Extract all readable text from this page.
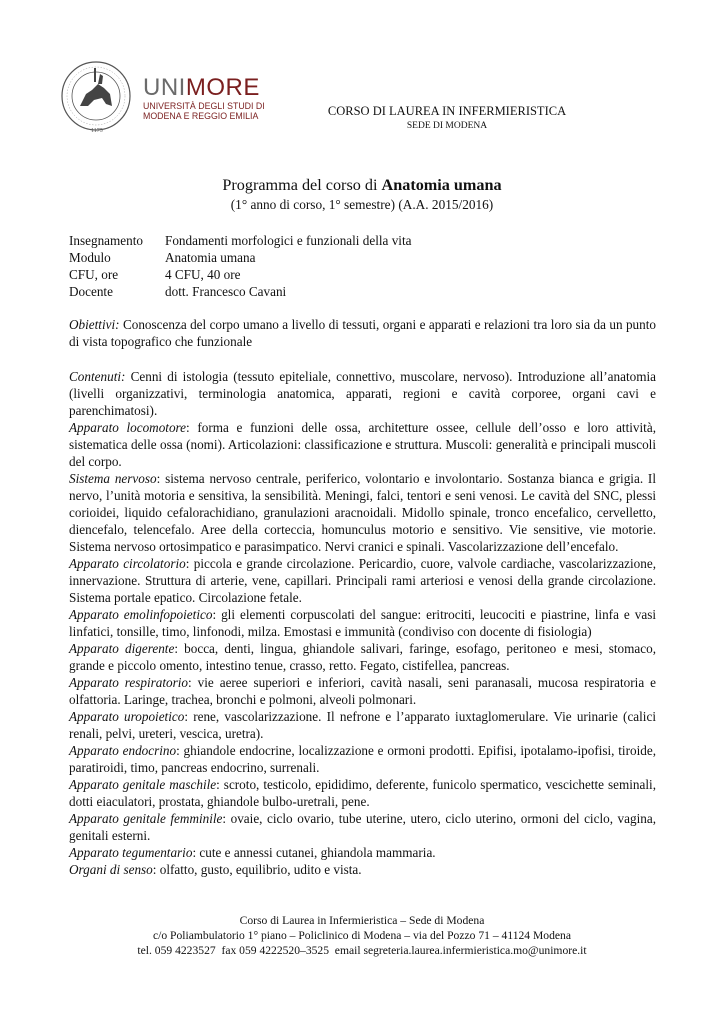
1175
UNIMORE
UNIVERSITÀ DEGLI STUDI DI
MODENA E REGGIO EMILIA	CORSO DI LAUREA IN INFERMIERISTICA
SEDE DI MODENA
Programma del corso di Anatomia umana
(1° anno di corso, 1° semestre) (A.A. 2015/2016)
Insegnamento	Fondamenti morfologici e funzionali della vita
Modulo	Anatomia umana
CFU, ore	4 CFU, 40 ore
Docente	dott. Francesco Cavani

Obiettivi: Conoscenza del corpo umano a livello di tessuti, organi e apparati e relazioni tra loro sia da un punto di vista topografico che funzionale

Contenuti: Cenni di istologia (tessuto epiteliale, connettivo, muscolare, nervoso). Introduzione all’anatomia (livelli organizzativi, terminologia anatomica, apparati, regioni e cavità corporee, organi cavi e parenchimatosi).

Apparato locomotore: forma e funzioni delle ossa, architetture ossee, cellule dell’osso e loro attività, sistematica delle ossa (nomi). Articolazioni: classificazione e struttura. Muscoli: generalità e principali muscoli del corpo.

Sistema nervoso: sistema nervoso centrale, periferico, volontario e involontario. Sostanza bianca e grigia. Il nervo, l’unità motoria e sensitiva, la sensibilità. Meningi, falci, tentori e seni venosi. Le cavità del SNC, plessi corioidei, liquido cefalorachidiano, granulazioni aracnoidali. Midollo spinale, tronco encefalico, cervelletto, diencefalo, telencefalo. Aree della corteccia, homunculus motorio e sensitivo. Vie sensitive, vie motorie. Sistema nervoso ortosimpatico e parasimpatico. Nervi cranici e spinali. Vascolarizzazione dell’encefalo.

Apparato circolatorio: piccola e grande circolazione. Pericardio, cuore, valvole cardiache, vascolarizzazione, innervazione. Struttura di arterie, vene, capillari. Principali rami arteriosi e venosi della grande circolazione. Sistema portale epatico. Circolazione fetale.

Apparato emolinfopoietico: gli elementi corpuscolati del sangue: eritrociti, leucociti e piastrine, linfa e vasi linfatici, tonsille, timo, linfonodi, milza. Emostasi e immunità (condiviso con docente di fisiologia)

Apparato digerente: bocca, denti, lingua, ghiandole salivari, faringe, esofago, peritoneo e mesi, stomaco, grande e piccolo omento, intestino tenue, crasso, retto. Fegato, cistifellea, pancreas.

Apparato respiratorio: vie aeree superiori e inferiori, cavità nasali, seni paranasali, mucosa respiratoria e olfattoria. Laringe, trachea, bronchi e polmoni, alveoli polmonari.

Apparato uropoietico: rene, vascolarizzazione. Il nefrone e l’apparato iuxtaglomerulare. Vie urinarie (calici renali, pelvi, ureteri, vescica, uretra).

Apparato endocrino: ghiandole endocrine, localizzazione e ormoni prodotti. Epifisi, ipotalamo-ipofisi, tiroide, paratiroidi, timo, pancreas endocrino, surrenali.

Apparato genitale maschile: scroto, testicolo, epididimo, deferente, funicolo spermatico, vescichette seminali, dotti eiaculatori, prostata, ghiandole bulbo-uretrali, pene.

Apparato genitale femminile: ovaie, ciclo ovario, tube uterine, utero, ciclo uterino, ormoni del ciclo, vagina, genitali esterni.

Apparato tegumentario: cute e annessi cutanei, ghiandola mammaria.

Organi di senso: olfatto, gusto, equilibrio, udito e vista.

Corso di Laurea in Infermieristica – Sede di Modena
c/o Poliambulatorio 1° piano – Policlinico di Modena – via del Pozzo 71 – 41124 Modena
tel. 059 4223527  fax 059 4222520–3525  email segreteria.laurea.infermieristica.mo@unimore.it
